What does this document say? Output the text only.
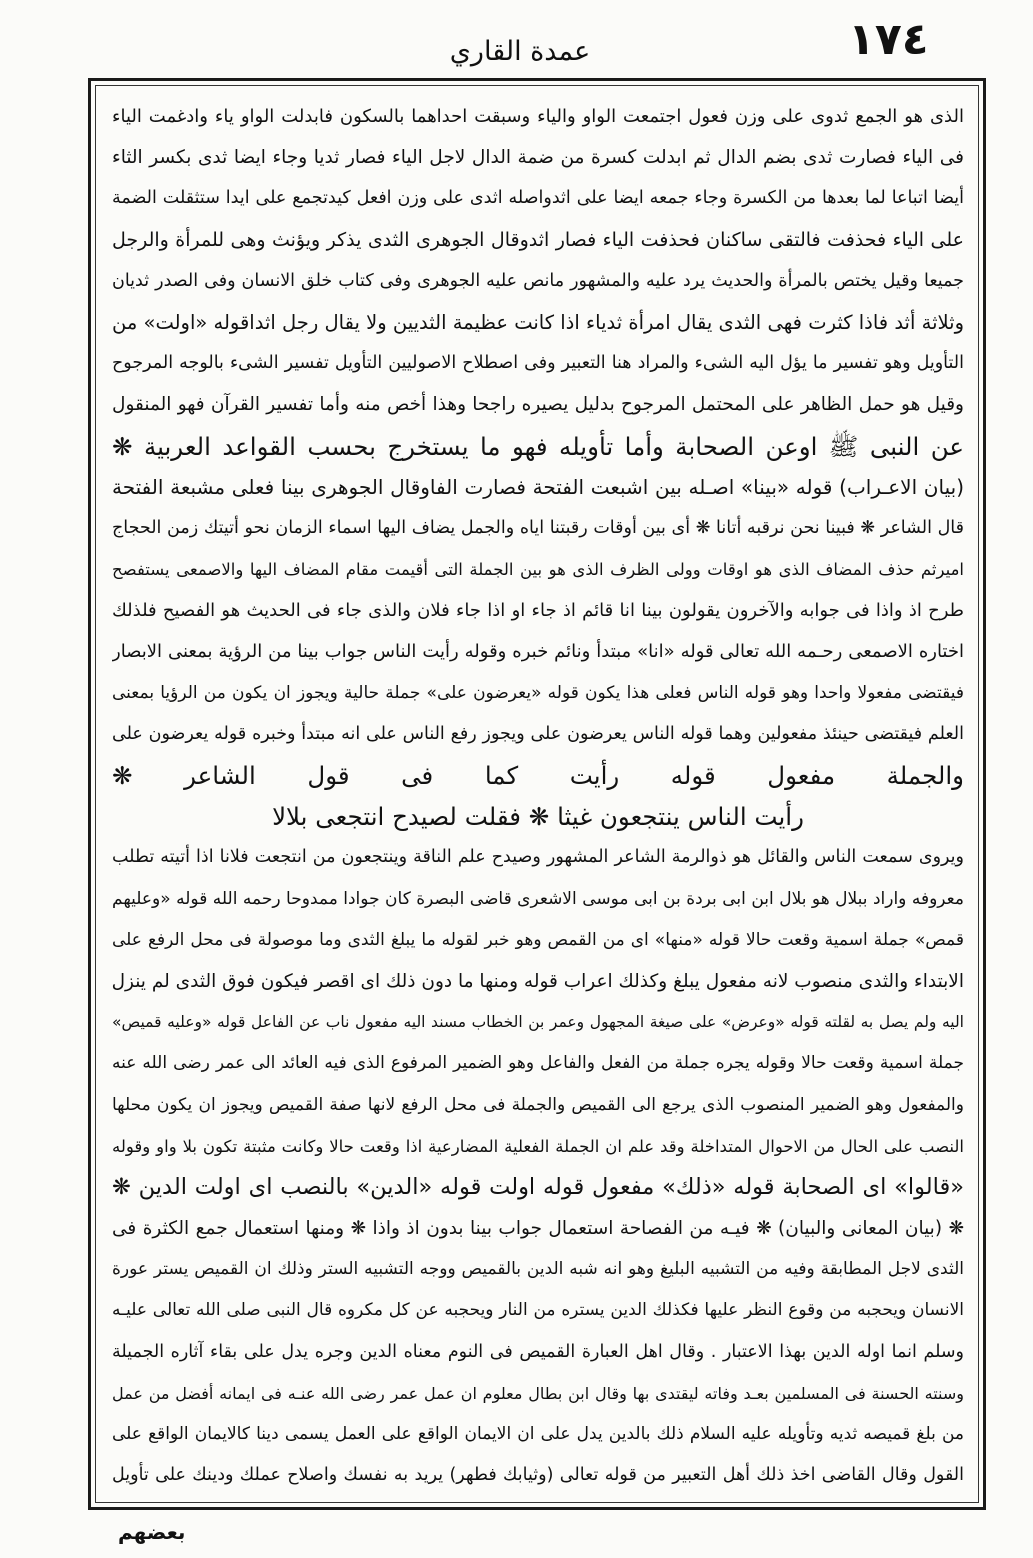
١٧٤
عمدة القاري
الذى هو الجمع ثدوى على وزن فعول اجتمعت الواو والياء وسبقت احداهما بالسكون فابدلت الواو ياء وادغمت الياء
فى الياء فصارت ثدى بضم الدال ثم ابدلت كسرة من ضمة الدال لاجل الياء فصار ثديا وجاء ايضا ثدى بكسر الثاء
أيضا اتباعا لما بعدها من الكسرة وجاء جمعه ايضا على اثدواصله اثدى على وزن افعل كيدتجمع على ايدا ستثقلت الضمة
على الياء فحذفت فالتقى ساكنان فحذفت الياء فصار اثدوقال الجوهرى الثدى يذكر ويؤنث وهى للمرأة والرجل
جميعا وقيل يختص بالمرأة والحديث يرد عليه والمشهور مانص عليه الجوهرى وفى كتاب خلق الانسان وفى الصدر ثديان
وثلاثة أثد فاذا كثرت فهى الثدى يقال امرأة ثدياء اذا كانت عظيمة الثديين ولا يقال رجل اثداقوله «اولت» من
التأويل وهو تفسير ما يؤل اليه الشىء والمراد هنا التعبير وفى اصطلاح الاصوليين التأويل تفسير الشىء بالوجه المرجوح
وقيل هو حمل الظاهر على المحتمل المرجوح بدليل يصيره راجحا وهذا أخص منه وأما تفسير القرآن فهو المنقول
عن النبى ﷺ اوعن الصحابة وأما تأويله فهو ما يستخرج بحسب القواعد العربية ❋
(بيان الاعـراب) قوله «بينا» اصـله بين اشبعت الفتحة فصارت الفاوقال الجوهرى بينا فعلى مشبعة الفتحة
قال الشاعر ❋ فبينا نحن نرقبه أتانا ❋ أى بين أوقات رقبتنا اياه والجمل يضاف اليها اسماء الزمان نحو أتيتك زمن الحجاج
اميرثم حذف المضاف الذى هو اوقات وولى الظرف الذى هو بين الجملة التى أقيمت مقام المضاف اليها والاصمعى يستفصح
طرح اذ واذا فى جوابه والآخرون يقولون بينا انا قائم اذ جاء او اذا جاء فلان والذى جاء فى الحديث هو الفصيح فلذلك
اختاره الاصمعى رحـمه الله تعالى قوله «انا» مبتدأ ونائم خبره وقوله رأيت الناس جواب بينا من الرؤية بمعنى الابصار
فيقتضى مفعولا واحدا وهو قوله الناس فعلى هذا يكون قوله «يعرضون على» جملة حالية ويجوز ان يكون من الرؤيا بمعنى
العلم فيقتضى حينئذ مفعولين وهما قوله الناس يعرضون على ويجوز رفع الناس على انه مبتدأ وخبره قوله يعرضون على
والجملة مفعول قوله رأيت كما فى قول الشاعر ❋
رأيت الناس ينتجعون غيثا ❋ فقلت لصيدح انتجعى بلالا
ويروى سمعت الناس والقائل هو ذوالرمة الشاعر المشهور وصيدح علم الناقة وينتجعون من انتجعت فلانا اذا أتيته تطلب
معروفه واراد ببلال هو بلال ابن ابى بردة بن ابى موسى الاشعرى قاضى البصرة كان جوادا ممدوحا رحمه الله قوله «وعليهم
قمص» جملة اسمية وقعت حالا قوله «منها» اى من القمص وهو خبر لقوله ما يبلغ الثدى وما موصولة فى محل الرفع على
الابتداء والثدى منصوب لانه مفعول يبلغ وكذلك اعراب قوله ومنها ما دون ذلك اى اقصر فيكون فوق الثدى لم ينزل
اليه ولم يصل به لقلته قوله «وعرض» على صيغة المجهول وعمر بن الخطاب مسند اليه مفعول ناب عن الفاعل قوله «وعليه قميص»
جملة اسمية وقعت حالا وقوله يجره جملة من الفعل والفاعل وهو الضمير المرفوع الذى فيه العائد الى عمر رضى الله عنه
والمفعول وهو الضمير المنصوب الذى يرجع الى القميص والجملة فى محل الرفع لانها صفة القميص ويجوز ان يكون محلها
النصب على الحال من الاحوال المتداخلة وقد علم ان الجملة الفعلية المضارعية اذا وقعت حالا وكانت مثبتة تكون بلا واو وقوله
«قالوا» اى الصحابة قوله «ذلك» مفعول قوله اولت قوله «الدين» بالنصب اى اولت الدين ❋
❋ (بيان المعانى والبيان) ❋ فيـه من الفصاحة استعمال جواب بينا بدون اذ واذا ❋ ومنها استعمال جمع الكثرة فى
الثدى لاجل المطابقة وفيه من التشبيه البليغ وهو انه شبه الدين بالقميص ووجه التشبيه الستر وذلك ان القميص يستر عورة
الانسان ويحجبه من وقوع النظر عليها فكذلك الدين يستره من النار ويحجبه عن كل مكروه قال النبى صلى الله تعالى عليـه
وسلم انما اوله الدين بهذا الاعتبار . وقال اهل العبارة القميص فى النوم معناه الدين وجره يدل على بقاء آثاره الجميلة
وسنته الحسنة فى المسلمين بعـد وفاته ليقتدى بها وقال ابن بطال معلوم ان عمل عمر رضى الله عنـه فى ايمانه أفضل من عمل
من بلغ قميصه ثديه وتأويله عليه السلام ذلك بالدين يدل على ان الايمان الواقع على العمل يسمى دينا كالايمان الواقع على
القول وقال القاضى اخذ ذلك أهل التعبير من قوله تعالى (وثيابك فطهر) يريد به نفسك واصلاح عملك ودينك على تأويل
بعضهم
